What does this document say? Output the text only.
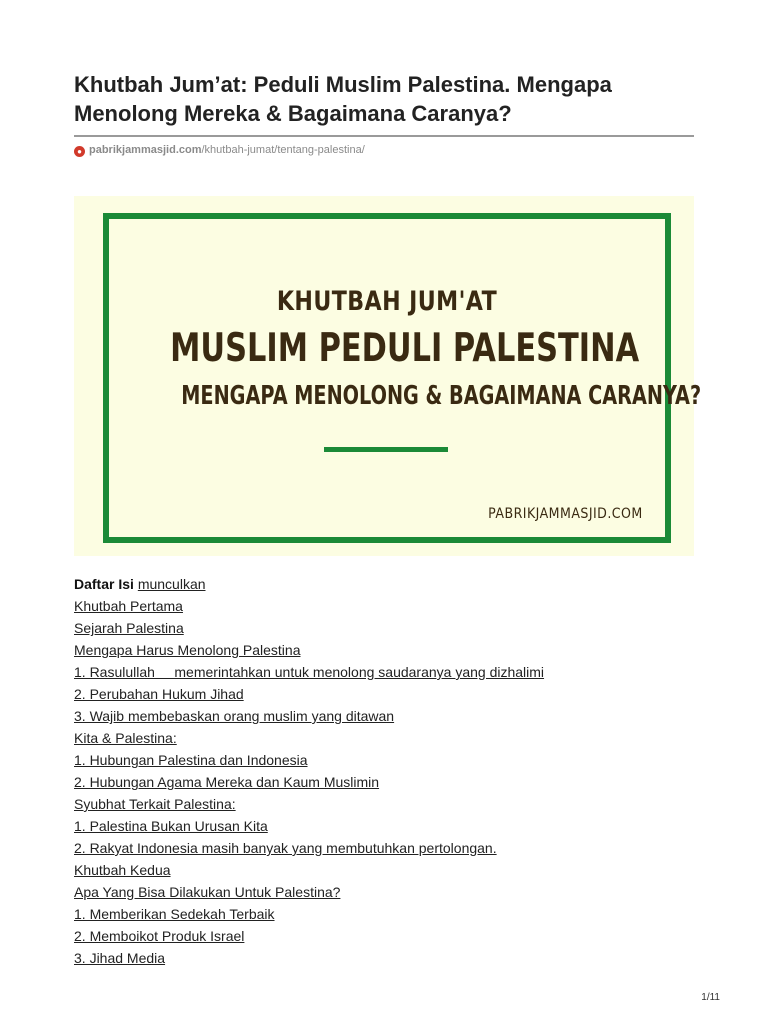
Khutbah Jum’at: Peduli Muslim Palestina. Mengapa Menolong Mereka & Bagaimana Caranya?
● pabrikjammasjid.com/khutbah-jumat/tentang-palestina/
KHUTBAH JUM'AT
MUSLIM PEDULI PALESTINA
MENGAPA MENOLONG & BAGAIMANA CARANYA?
PABRIKJAMMASJID.COM
Daftar Isi munculkan
Khutbah Pertama
Sejarah Palestina
Mengapa Harus Menolong Palestina
1. Rasulullah     memerintahkan untuk menolong saudaranya yang dizhalimi
2. Perubahan Hukum Jihad
3. Wajib membebaskan orang muslim yang ditawan
Kita & Palestina:
1. Hubungan Palestina dan Indonesia
2. Hubungan Agama Mereka dan Kaum Muslimin
Syubhat Terkait Palestina:
1. Palestina Bukan Urusan Kita
2. Rakyat Indonesia masih banyak yang membutuhkan pertolongan.
Khutbah Kedua
Apa Yang Bisa Dilakukan Untuk Palestina?
1. Memberikan Sedekah Terbaik
2. Memboikot Produk Israel
3. Jihad Media
1/11
